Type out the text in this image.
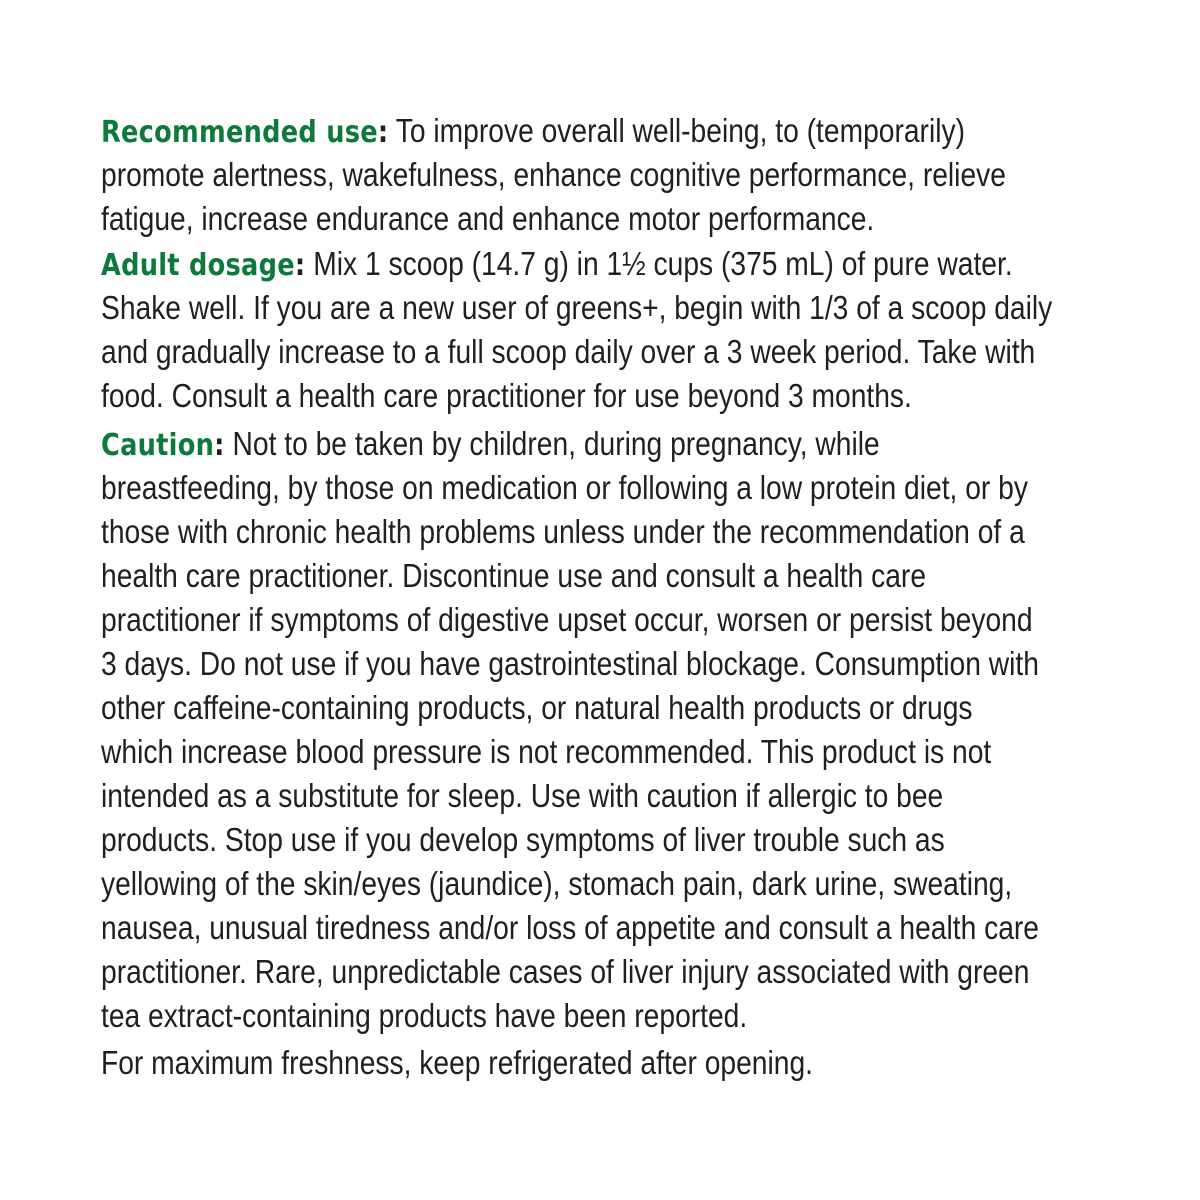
Recommended use: To improve overall well-being, to (temporarily)
promote alertness, wakefulness, enhance cognitive performance, relieve
fatigue, increase endurance and enhance motor performance.
Adult dosage: Mix 1 scoop (14.7 g) in 1½ cups (375 mL) of pure water.
Shake well. If you are a new user of greens+, begin with 1/3 of a scoop daily
and gradually increase to a full scoop daily over a 3 week period. Take with
food. Consult a health care practitioner for use beyond 3 months.
Caution: Not to be taken by children, during pregnancy, while
breastfeeding, by those on medication or following a low protein diet, or by
those with chronic health problems unless under the recommendation of a
health care practitioner. Discontinue use and consult a health care
practitioner if symptoms of digestive upset occur, worsen or persist beyond
3 days. Do not use if you have gastrointestinal blockage. Consumption with
other caffeine-containing products, or natural health products or drugs
which increase blood pressure is not recommended. This product is not
intended as a substitute for sleep. Use with caution if allergic to bee
products. Stop use if you develop symptoms of liver trouble such as
yellowing of the skin/eyes (jaundice), stomach pain, dark urine, sweating,
nausea, unusual tiredness and/or loss of appetite and consult a health care
practitioner. Rare, unpredictable cases of liver injury associated with green
tea extract-containing products have been reported.
For maximum freshness, keep refrigerated after opening.
